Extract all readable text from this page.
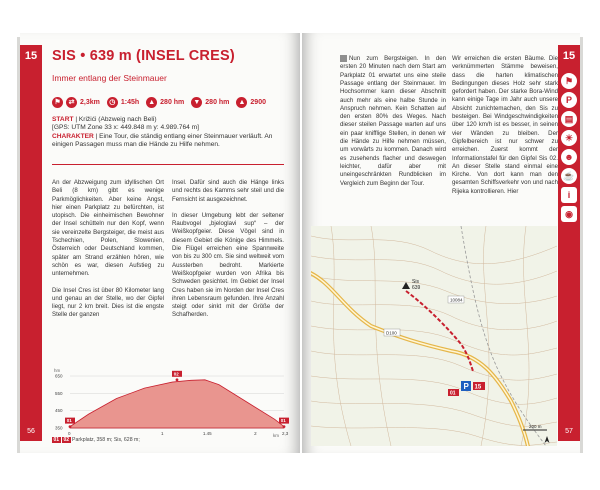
15
56
SIS • 639 m (INSEL CRES)
Immer entlang der Steinmauer
⚑	⇄ 2,3km	◷ 1:45h ▲ 280 hm ▼ 280 hm ▲ 2900
START | Križići (Abzweig nach Beli)
[GPS: UTM Zone 33 x: 449.848 m y: 4.989.764 m]
CHARAKTER | Eine Tour, die ständig entlang einer Steinmauer verläuft. An einigen Passagen muss man die Hände zu Hilfe nehmen.

An der Abzweigung zum idyllischen Ort Beli (8 km) gibt es wenige Parkmöglichkeiten. Aber keine Angst, hier einen Parkplatz zu befürchten, ist utopisch. Die einheimischen Bewohner der Insel schütteln nur den Kopf, wenn sie vereinzelte Bergsteiger, die meist aus Tschechien, Polen, Slowenien, Österreich oder Deutschland kommen, später am Strand erzählen hören, wie schön es war, diesen Aufstieg zu unternehmen.

Die Insel Cres ist über 80 Kilometer lang und genau an der Stelle, wo der Gipfel liegt, nur 2 km breit. Dies ist die engste Stelle der ganzen

Insel. Dafür sind auch die Hänge links und rechts des Kamms sehr steil und die Fernsicht ist ausgezeichnet.

In dieser Umgebung lebt der seltener Raubvogel „bjeloglavi sup“ – der Weißkopfgeier. Diese Vögel sind in diesem Gebiet die Könige des Himmels. Die Flügel erreichen eine Spannweite von bis zu 300 cm. Sie sind weltweit vom Aussterben bedroht. Markierte Weißkopfgeier wurden von Afrika bis Schweden gesichtet. Im Gebiet der Insel Cres haben sie im Norden der Insel Cres ihren Lebensraum gefunden. Ihre Anzahl steigt oder sinkt mit der Größe der Schafherden.

hm
km
650
550
450
350
0	1	1.45	2	2,3
01
02
01
01 02 Parkplatz, 358 m; Sis, 628 m;
15
⚑
P
▤
☀
☻
☕
i
◉
57
Nun zum Bergsteigen. In den ersten 20 Minuten nach dem Start am Parkplatz 01 erwartet uns eine steile Passage entlang der Steinmauer. Im Hochsommer kann dieser Abschnitt auch mehr als eine halbe Stunde in Anspruch nehmen. Kein Schatten auf den ersten 80% des Weges. Nach dieser steilen Passage warten auf uns ein paar knifflige Stellen, in denen wir die Hände zu Hilfe nehmen müssen, um vorwärts zu kommen. Danach wird es zusehends flacher und deswegen leichter, dafür aber mit uneingeschränkten Rundblicken im Vergleich zum Beginn der Tour.
Wir erreichen die ersten Bäume. Die verknümmerten Stämme beweisen, dass die harten klimatischen Bedingungen dieses Holz sehr stark gefordert haben. Der starke Bora-Wind kann einige Tage im Jahr auch unsere Absicht zunichtemachen, den Sis zu besteigen. Bei Windgeschwindigkeiten über 120 km/h ist es besser, in seinen vier Wänden zu bleiben. Der Gipfelbereich ist nur schwer zu erreichen. Zuerst kommt der Informationstafel für den Gipfel Sis 02. An dieser Stelle stand einmal eine Kirche. Von dort kann man den gesamten Schiffsverkehr von und nach Rijeka kontrollieren. Hier
Sis
639
D100
10084
P 15
01
200 m
